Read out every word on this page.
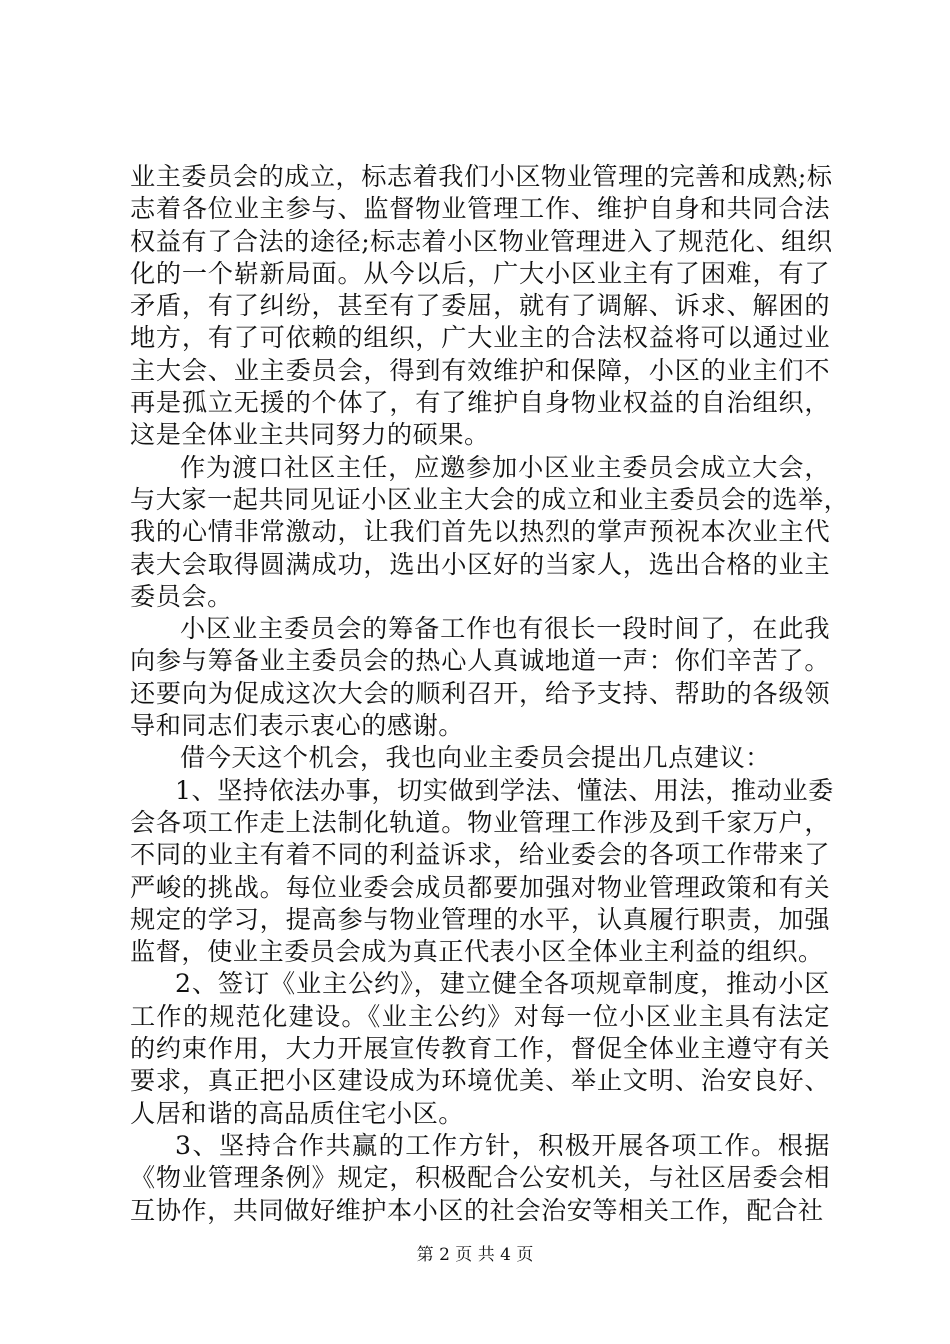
业主委员会的成立，标志着我们小区物业管理的完善和成熟;标
志着各位业主参与、监督物业管理工作、维护自身和共同合法
权益有了合法的途径;标志着小区物业管理进入了规范化、组织
化的一个崭新局面。从今以后，广大小区业主有了困难，有了
矛盾，有了纠纷，甚至有了委屈，就有了调解、诉求、解困的
地方，有了可依赖的组织，广大业主的合法权益将可以通过业
主大会、业主委员会，得到有效维护和保障，小区的业主们不
再是孤立无援的个体了，有了维护自身物业权益的自治组织，
这是全体业主共同努力的硕果。
作为渡口社区主任，应邀参加小区业主委员会成立大会，
与大家一起共同见证小区业主大会的成立和业主委员会的选举，
我的心情非常激动，让我们首先以热烈的掌声预祝本次业主代
表大会取得圆满成功，选出小区好的当家人，选出合格的业主
委员会。
小区业主委员会的筹备工作也有很长一段时间了，在此我
向参与筹备业主委员会的热心人真诚地道一声：你们辛苦了。
还要向为促成这次大会的顺利召开，给予支持、帮助的各级领
导和同志们表示衷心的感谢。
借今天这个机会，我也向业主委员会提出几点建议：
1、坚持依法办事，切实做到学法、懂法、用法，推动业委
会各项工作走上法制化轨道。物业管理工作涉及到千家万户，
不同的业主有着不同的利益诉求，给业委会的各项工作带来了
严峻的挑战。每位业委会成员都要加强对物业管理政策和有关
规定的学习，提高参与物业管理的水平，认真履行职责，加强
监督，使业主委员会成为真正代表小区全体业主利益的组织。
2、签订《业主公约》，建立健全各项规章制度，推动小区
工作的规范化建设。《业主公约》对每一位小区业主具有法定
的约束作用，大力开展宣传教育工作，督促全体业主遵守有关
要求，真正把小区建设成为环境优美、举止文明、治安良好、
人居和谐的高品质住宅小区。
3、坚持合作共赢的工作方针，积极开展各项工作。根据
《物业管理条例》规定，积极配合公安机关，与社区居委会相
互协作，共同做好维护本小区的社会治安等相关工作，配合社
第 2 页 共 4 页
